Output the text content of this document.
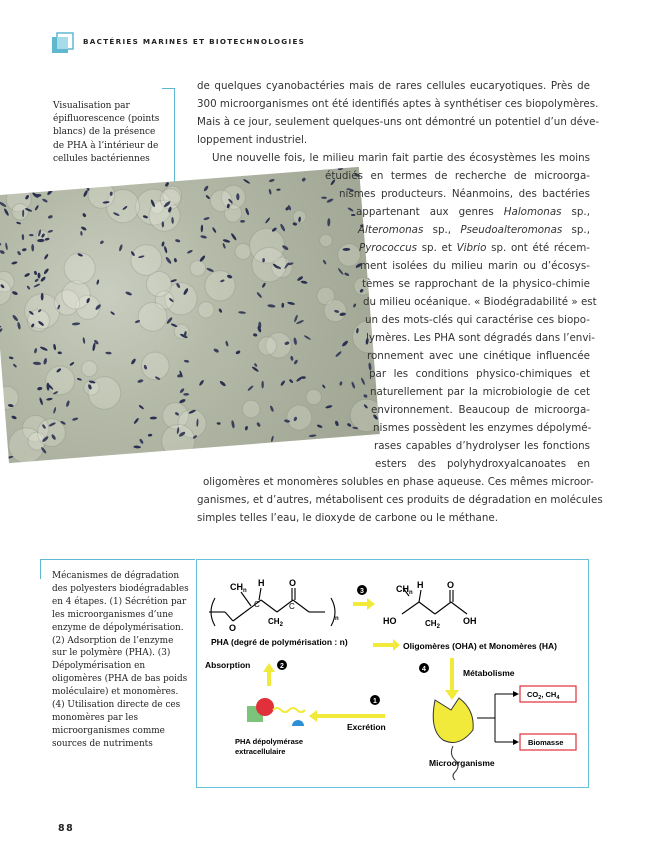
BACTÉRIES MARINES ET BIOTECHNOLOGIES
Visualisation par épifluorescence (points blancs) de la présence de PHA à l’intérieur de cellules bactériennes
de quelques cyanobactéries mais de rares cellules eucaryotiques. Près de
300 microorganismes ont été identifiés aptes à synthétiser ces biopolymères.
Mais à ce jour, seulement quelques-uns ont démontré un potentiel d’un déve-
loppement industriel.
Une nouvelle fois, le milieu marin fait partie des écosystèmes les moins
étudiés en termes de recherche de microorga-
nismes producteurs. Néanmoins, des bactéries
appartenant aux genres Halomonas sp.,
Alteromonas sp., Pseudoalteromonas sp.,
Pyrococcus sp. et Vibrio sp. ont été récem-
ment isolées du milieu marin ou d’écosys-
tèmes se rapprochant de la physico-chimie
du milieu océanique. « Biodégradabilité » est
un des mots-clés qui caractérise ces biopo-
lymères. Les PHA sont dégradés dans l’envi-
ronnement avec une cinétique influencée
par les conditions physico-chimiques et
naturellement par la microbiologie de cet
environnement. Beaucoup de microorga-
nismes possèdent les enzymes dépolymé-
rases capables d’hydrolyser les fonctions
esters des polyhydroxyalcanoates en
oligomères et monomères solubles en phase aqueuse. Ces mêmes microor-
ganismes, et d’autres, métabolisent ces produits de dégradation en molécules
simples telles l’eau, le dioxyde de carbone ou le méthane.
Mécanismes de dégradation des polyesters biodégradables en 4 étapes. (1) Sécrétion par les microorganismes d’une enzyme de dépolymérisation. (2) Adsorption de l’enzyme sur le polymère (PHA). (3) Dépolymérisation en oligomères (PHA de bas poids moléculaire) et monomères. (4) Utilisation directe de ces monomères par les microorganismes comme sources de nutriments
$CH_n$
H
C
O
C
O
$CH_2$
n
PHA (degré de polymérisation : n)
3	$CH_n$
H	O
HO	$CH_2$
OH
Oligomères (OHA) et Monomères (HA)
Absorption	2	4	Métabolisme
PHA dépolymérase
extracellulaire
1
Excrétion
Microorganisme
$CO_2$, $CH_4$
Biomasse
88
